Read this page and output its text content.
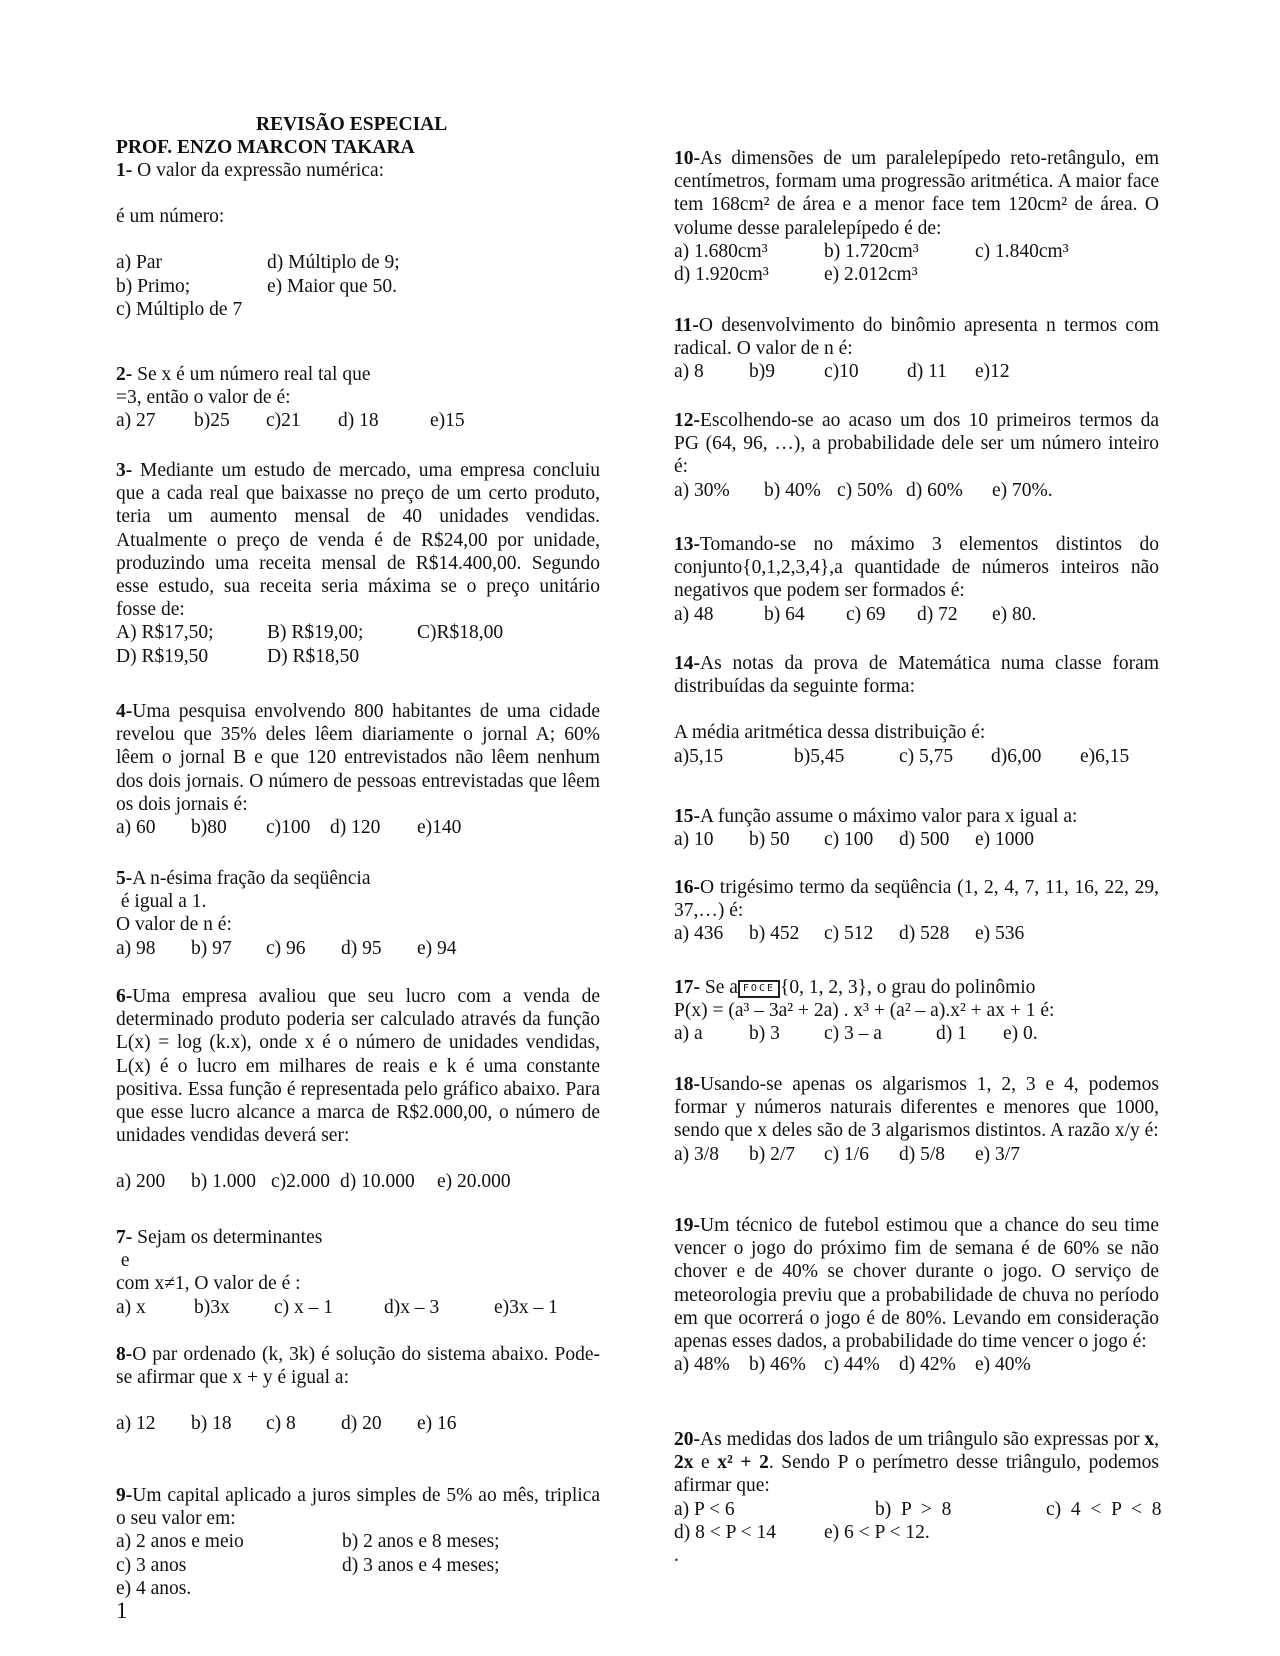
REVISÃO ESPECIAL
PROF. ENZO MARCON TAKARA
1- O valor da expressão numérica:
é um número:
a) Par	d) Múltiplo de 9;
b) Primo;	e) Maior que 50.
c) Múltiplo de 7
2- Se x é um número real tal que
=3, então o valor de é:
a) 27 b)25 c)21 d) 18	e)15
3- Mediante um estudo de mercado, uma empresa concluiu que a cada real que baixasse no preço de um certo produto, teria um aumento mensal de 40 unidades vendidas. Atualmente o preço de venda é de R$24,00 por unidade, produzindo uma receita mensal de R$14.400,00. Segundo esse estudo, sua receita seria máxima se o preço unitário fosse de:
A) R$17,50;	B) R$19,00;	C)R$18,00
D) R$19,50	D) R$18,50
4-Uma pesquisa envolvendo 800 habitantes de uma cidade revelou que 35% deles lêem diariamente o jornal A; 60% lêem o jornal B e que 120 entrevistados não lêem nenhum dos dois jornais. O número de pessoas entrevistadas que lêem os dois jornais é:
a) 60 b)80 c)100 d) 120 e)140
5-A n-ésima fração da seqüência
é igual a 1.
O valor de n é:
a) 98 b) 97 c) 96 d) 95 e) 94
6-Uma empresa avaliou que seu lucro com a venda de determinado produto poderia ser calculado através da função L(x) = log (k.x), onde x é o número de unidades vendidas, L(x) é o lucro em milhares de reais e k é uma constante positiva. Essa função é representada pelo gráfico abaixo. Para que esse lucro alcance a marca de R$2.000,00, o número de unidades vendidas deverá ser:
a) 200 b) 1.000 c)2.000 d) 10.000 e) 20.000
7- Sejam os determinantes
e
com x≠1, O valor de é :
a) x b)3x c) x – 1	d)x – 3	e)3x – 1
8-O par ordenado (k, 3k) é solução do sistema abaixo. Pode-se afirmar que x + y é igual a:
a) 12 b) 18 c) 8 d) 20 e) 16
9-Um capital aplicado a juros simples de 5% ao mês, triplica o seu valor em:
a) 2 anos e meio	b) 2 anos e 8 meses;
c) 3 anos	d) 3 anos e 4 meses;
e) 4 anos.
1
10-As dimensões de um paralelepípedo reto-retângulo, em centímetros, formam uma progressão aritmética. A maior face tem 168cm² de área e a menor face tem 120cm² de área. O volume desse paralelepípedo é de:
a) 1.680cm³	b) 1.720cm³	c) 1.840cm³
d) 1.920cm³	e) 2.012cm³
11-O desenvolvimento do binômio apresenta n termos com radical. O valor de n é:
a) 8 b)9	c)10 d) 11 e)12
12-Escolhendo-se ao acaso um dos 10 primeiros termos da PG (64, 96, …), a probabilidade dele ser um número inteiro é:
a) 30% b) 40% c) 50% d) 60% e) 70%.
13-Tomando-se no máximo 3 elementos distintos do conjunto{0,1,2,3,4},a quantidade de números inteiros não negativos que podem ser formados é:
a) 48	b) 64 c) 69 d) 72 e) 80.
14-As notas da prova de Matemática numa classe foram distribuídas da seguinte forma:
A média aritmética dessa distribuição é:
a)5,15	b)5,45	c) 5,75 d)6,00 e)6,15
15-A função assume o máximo valor para x igual a:
a) 10 b) 50 c) 100 d) 500 e) 1000
16-O trigésimo termo da seqüência (1, 2, 4, 7, 11, 16, 22, 29, 37,…) é:
a) 436 b) 452 c) 512 d) 528 e) 536
17- Se a FOCE {0, 1, 2, 3}, o grau do polinômio
P(x) = (a³ – 3a² + 2a) . x³ + (a² – a).x² + ax + 1 é:
a) a b) 3 c) 3 – a	d) 1 e) 0.
18-Usando-se apenas os algarismos 1, 2, 3 e 4, podemos formar y números naturais diferentes e menores que 1000, sendo que x deles são de 3 algarismos distintos. A razão x/y é:
a) 3/8 b) 2/7 c) 1/6 d) 5/8 e) 3/7
19-Um técnico de futebol estimou que a chance do seu time vencer o jogo do próximo fim de semana é de 60% se não chover e de 40% se chover durante o jogo. O serviço de meteorologia previu que a probabilidade de chuva no período em que ocorrerá o jogo é de 80%. Levando em consideração apenas esses dados, a probabilidade do time vencer o jogo é:
a) 48% b) 46% c) 44% d) 42% e) 40%
20-As medidas dos lados de um triângulo são expressas por x, 2x e x² + 2. Sendo P o perímetro desse triângulo, podemos afirmar que:
a) P < 6	b)  P  >  8	c)  4  <  P  <  8
d) 8 < P < 14 e) 6 < P < 12.
.
